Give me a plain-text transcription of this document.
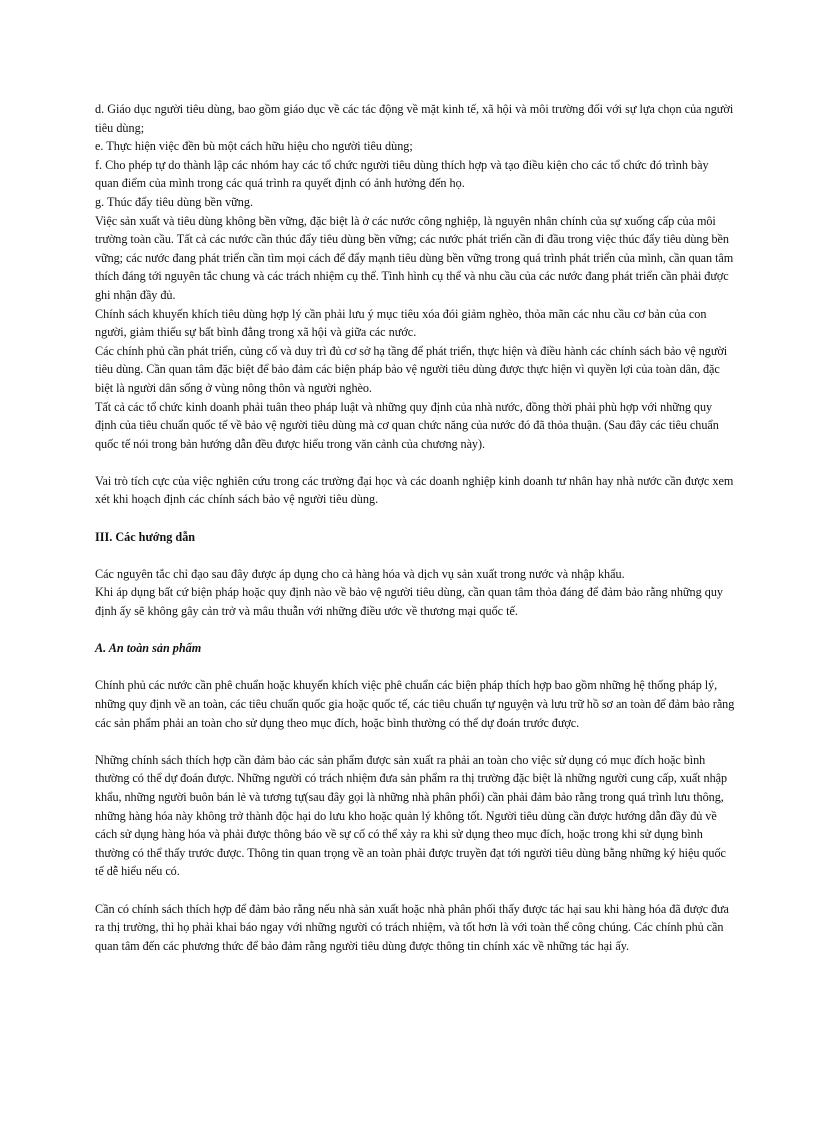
d. Giáo dục người tiêu dùng, bao gồm giáo dục về các tác động về mặt kinh tế, xã hội và môi trường đối với sự lựa chọn của người tiêu dùng;

e. Thực hiện việc đền bù một cách hữu hiệu cho người tiêu dùng;

f. Cho phép tự do thành lập các nhóm hay các tổ chức người tiêu dùng thích hợp và tạo điều kiện cho các tổ chức đó trình bày quan điểm của mình trong các quá trình ra quyết định có ảnh hưởng đến họ.

g. Thúc đẩy tiêu dùng bền vững.

Việc sản xuất và tiêu dùng không bền vững, đặc biệt là ở các nước công nghiệp, là nguyên nhân chính của sự xuống cấp của môi trường toàn cầu. Tất cả các nước cần thúc đẩy tiêu dùng bền vững; các nước phát triển cần đi đầu trong việc thúc đẩy tiêu dùng bền vững; các nước đang phát triển cần tìm mọi cách để đẩy mạnh tiêu dùng bền vững trong quá trình phát triển của mình, cần quan tâm thích đáng tới nguyên tắc chung và các trách nhiệm cụ thể. Tình hình cụ thể và nhu cầu của các nước đang phát triển cần phải được ghi nhận đầy đủ.

Chính sách khuyến khích tiêu dùng hợp lý cần phải lưu ý mục tiêu xóa đói giảm nghèo, thỏa mãn các nhu cầu cơ bản của con người, giảm thiểu sự bất bình đẳng trong xã hội và giữa các nước.

Các chính phủ cần phát triển, củng cố và duy trì đủ cơ sở hạ tầng để phát triển, thực hiện và điều hành các chính sách bảo vệ người tiêu dùng. Cần quan tâm đặc biệt để bảo đảm các biện pháp bảo vệ người tiêu dùng được thực hiện vì quyền lợi của toàn dân, đặc biệt là người dân sống ở vùng nông thôn và người nghèo.

Tất cả các tổ chức kinh doanh phải tuân theo pháp luật và những quy định của nhà nước, đồng thời phải phù hợp với những quy định của tiêu chuẩn quốc tế về bảo vệ người tiêu dùng mà cơ quan chức năng của nước đó đã thỏa thuận. (Sau đây các tiêu chuẩn quốc tế nói trong bản hướng dẫn đều được hiểu trong văn cảnh của chương này).

Vai trò tích cực của việc nghiên cứu trong các trường đại học và các doanh nghiệp kinh doanh tư nhân hay nhà nước cần được xem xét khi hoạch định các chính sách bảo vệ người tiêu dùng.

III. Các hướng dẫn

Các nguyên tắc chỉ đạo sau đây được áp dụng cho cả hàng hóa và dịch vụ sản xuất trong nước và nhập khẩu.

Khi áp dụng bất cứ biện pháp hoặc quy định nào về bảo vệ người tiêu dùng, cần quan tâm thỏa đáng để đảm bảo rằng những quy định ấy sẽ không gây cản trở và mâu thuẫn với những điều ước về thương mại quốc tế.

A. An toàn sản phẩm

Chính phủ các nước cần phê chuẩn hoặc khuyến khích việc phê chuẩn các biện pháp thích hợp bao gồm những hệ thống pháp lý, những quy định về an toàn, các tiêu chuẩn quốc gia hoặc quốc tế, các tiêu chuẩn tự nguyện và lưu trữ hồ sơ an toàn để đảm bảo rằng các sản phẩm phải an toàn cho sử dụng theo mục đích, hoặc bình thường có thể dự đoán trước được.

Những chính sách thích hợp cần đảm bảo các sản phẩm được sản xuất ra phải an toàn cho việc sử dụng có mục đích hoặc bình thường có thể dự đoán được. Những người có trách nhiệm đưa sản phẩm ra thị trường đặc biệt là những người cung cấp, xuất nhập khẩu, những người buôn bán lẻ và tương tự(sau đây gọi là những nhà phân phối) cần phải đảm bảo rằng trong quá trình lưu thông, những hàng hóa này không trở thành độc hại do lưu kho hoặc quản lý không tốt. Người tiêu dùng cần được hướng dẫn đầy đủ về cách sử dụng hàng hóa và phải được thông báo về sự cố có thể xảy ra khi sử dụng theo mục đích, hoặc trong khi sử dụng bình thường có thể thấy trước được. Thông tin quan trọng về an toàn phải được truyền đạt tới người tiêu dùng bằng những ký hiệu quốc tế dễ hiểu nếu có.

Cần có chính sách thích hợp để đảm bảo rằng nếu nhà sản xuất hoặc nhà phân phối thấy được tác hại sau khi hàng hóa đã được đưa ra thị trường, thì họ phải khai báo ngay với những người có trách nhiệm, và tốt hơn là với toàn thể công chúng. Các chính phủ cần quan tâm đến các phương thức để bảo đảm rằng người tiêu dùng được thông tin chính xác về những tác hại ấy.
